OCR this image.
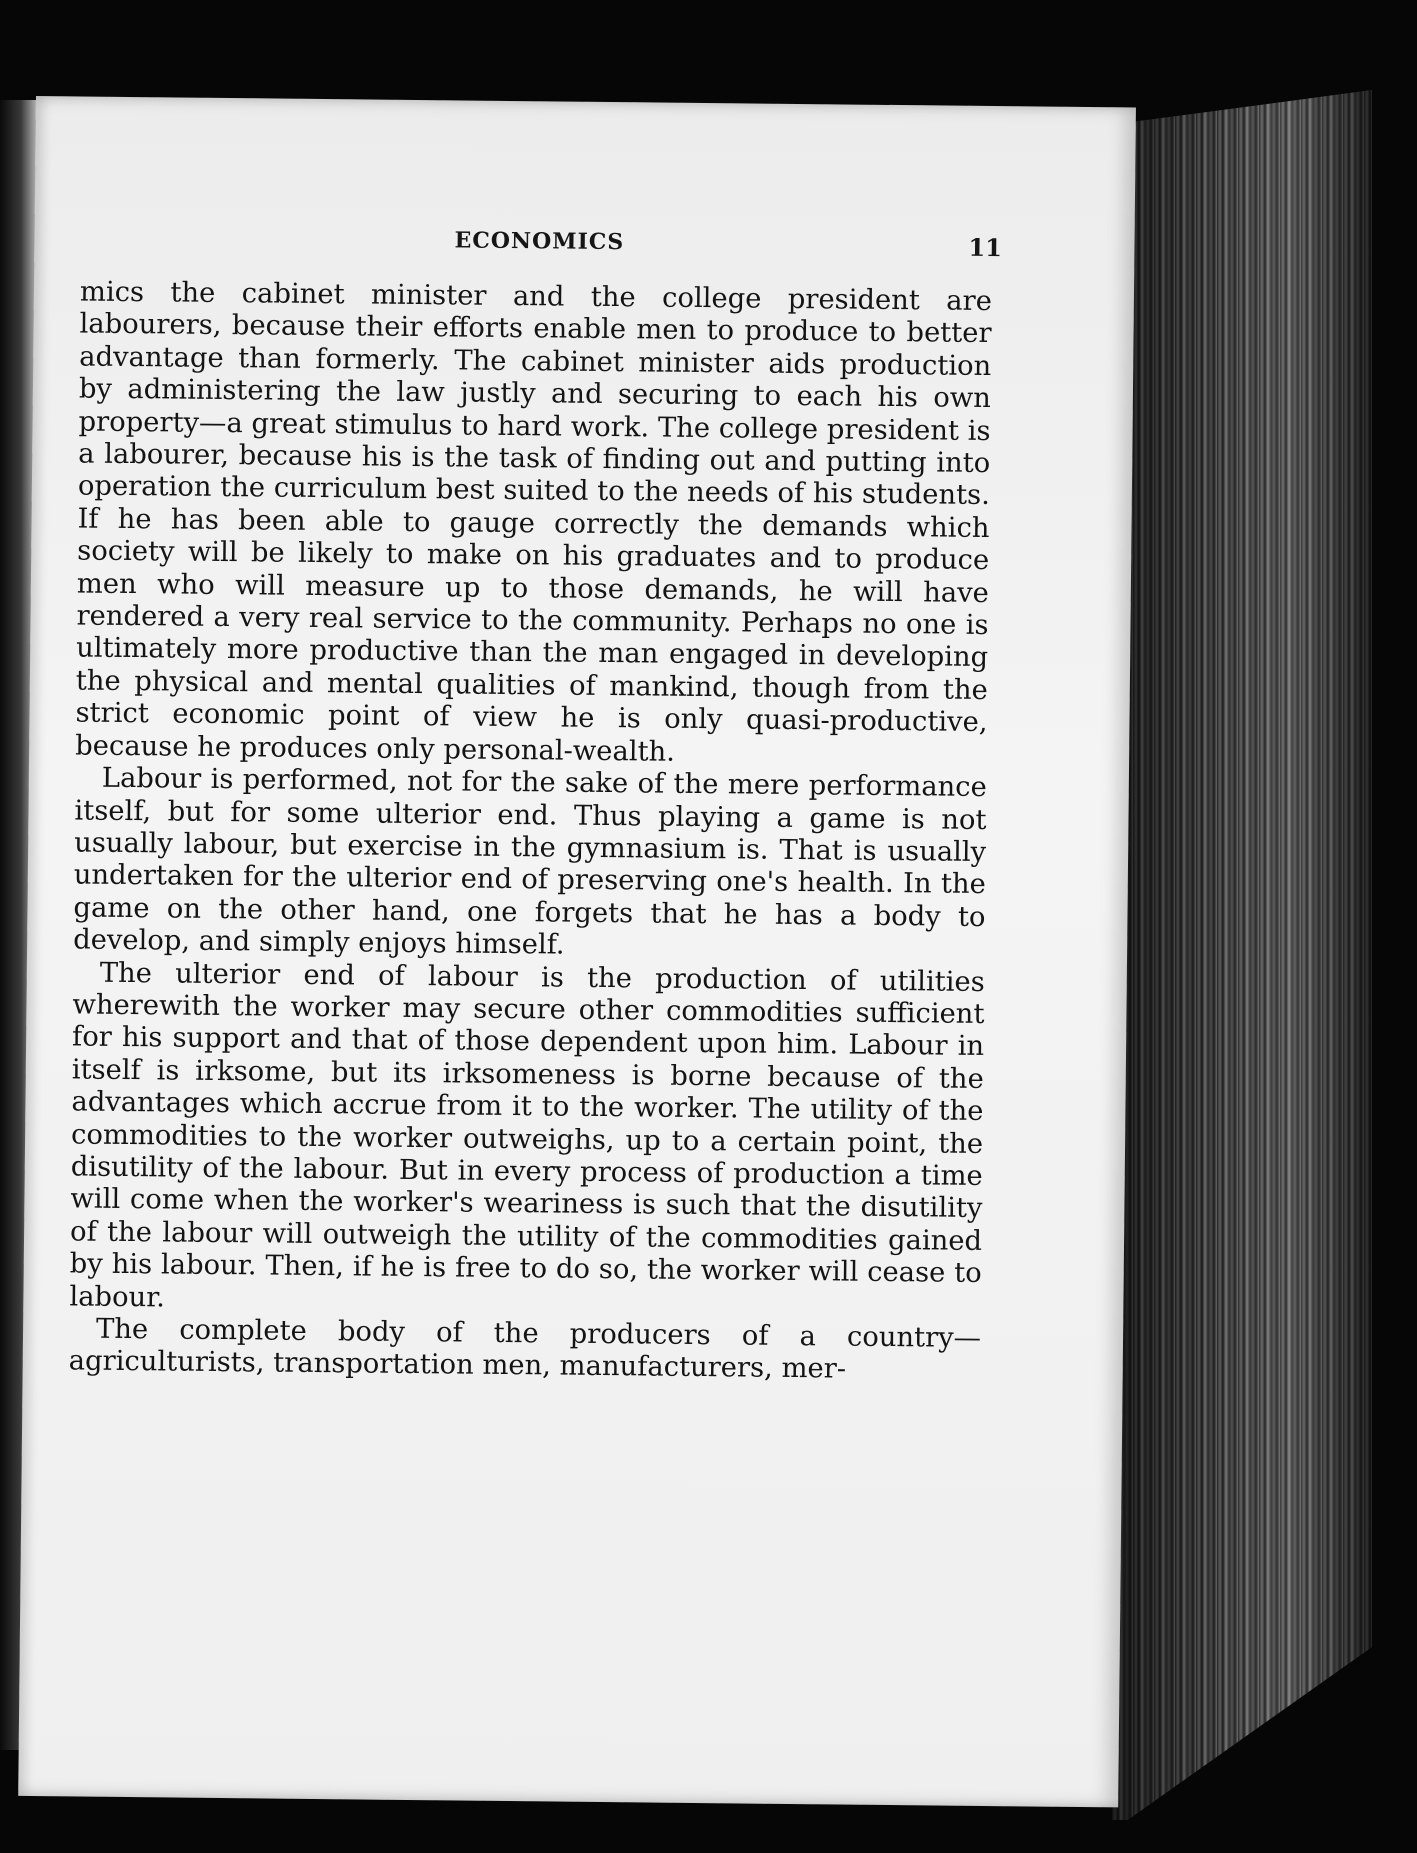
ECONOMICS	11

mics the cabinet minister and the college president are labourers, because their efforts enable men to produce to better advantage than formerly. The cabinet minister aids production by administering the law justly and securing to each his own property—a great stimulus to hard work. The college president is a labourer, because his is the task of finding out and putting into operation the curriculum best suited to the needs of his students. If he has been able to gauge correctly the demands which society will be likely to make on his graduates and to produce men who will measure up to those demands, he will have rendered a very real service to the community. Perhaps no one is ultimately more productive than the man engaged in developing the physical and mental qualities of mankind, though from the strict economic point of view he is only quasi-productive, because he produces only personal-wealth.

Labour is performed, not for the sake of the mere performance itself, but for some ulterior end. Thus playing a game is not usually labour, but exercise in the gymnasium is. That is usually undertaken for the ulterior end of preserving one's health. In the game on the other hand, one forgets that he has a body to develop, and simply enjoys himself.

The ulterior end of labour is the production of utilities wherewith the worker may secure other commodities sufficient for his support and that of those dependent upon him. Labour in itself is irksome, but its irksomeness is borne because of the advantages which accrue from it to the worker. The utility of the commodities to the worker outweighs, up to a certain point, the disutility of the labour. But in every process of production a time will come when the worker's weariness is such that the disutility of the labour will outweigh the utility of the commodities gained by his labour. Then, if he is free to do so, the worker will cease to labour.

The complete body of the producers of a country—agriculturists, transportation men, manufacturers, mer-
